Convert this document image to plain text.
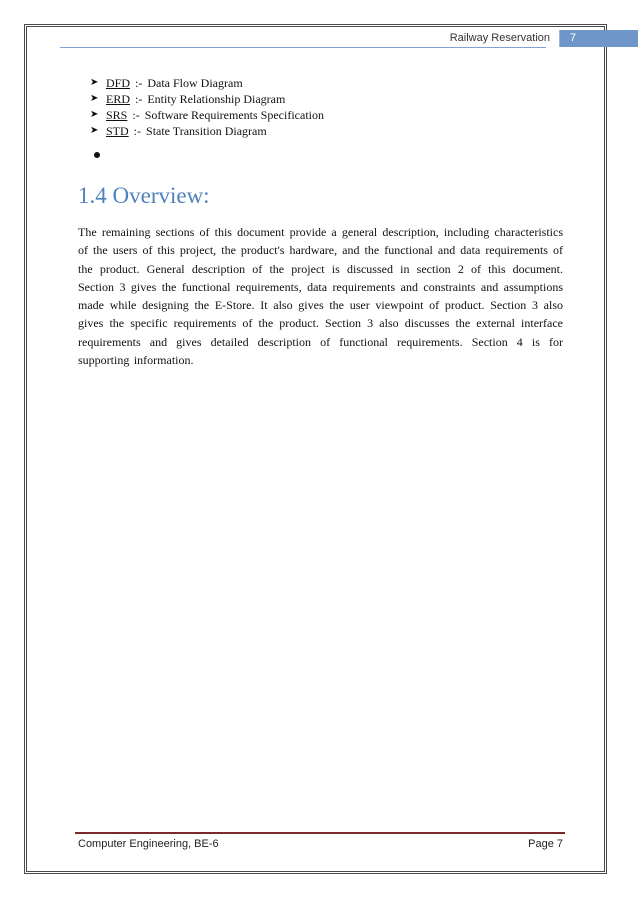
Railway Reservation	7
➤ DFD :- Data Flow Diagram
➤ ERD :- Entity Relationship Diagram
➤ SRS :- Software Requirements Specification
➤ STD :- State Transition Diagram
1.4 Overview:

The remaining sections of this document provide a general description, including characteristics of the users of this project, the product's hardware, and the functional and data requirements of the product. General description of the project is discussed in section 2 of this document. Section 3 gives the functional requirements, data requirements and constraints and assumptions made while designing the E-Store. It also gives the user viewpoint of product. Section 3 also gives the specific requirements of the product. Section 3 also discusses the external interface requirements and gives detailed description of functional requirements. Section 4 is for supporting information.

Computer Engineering, BE-6	Page 7
